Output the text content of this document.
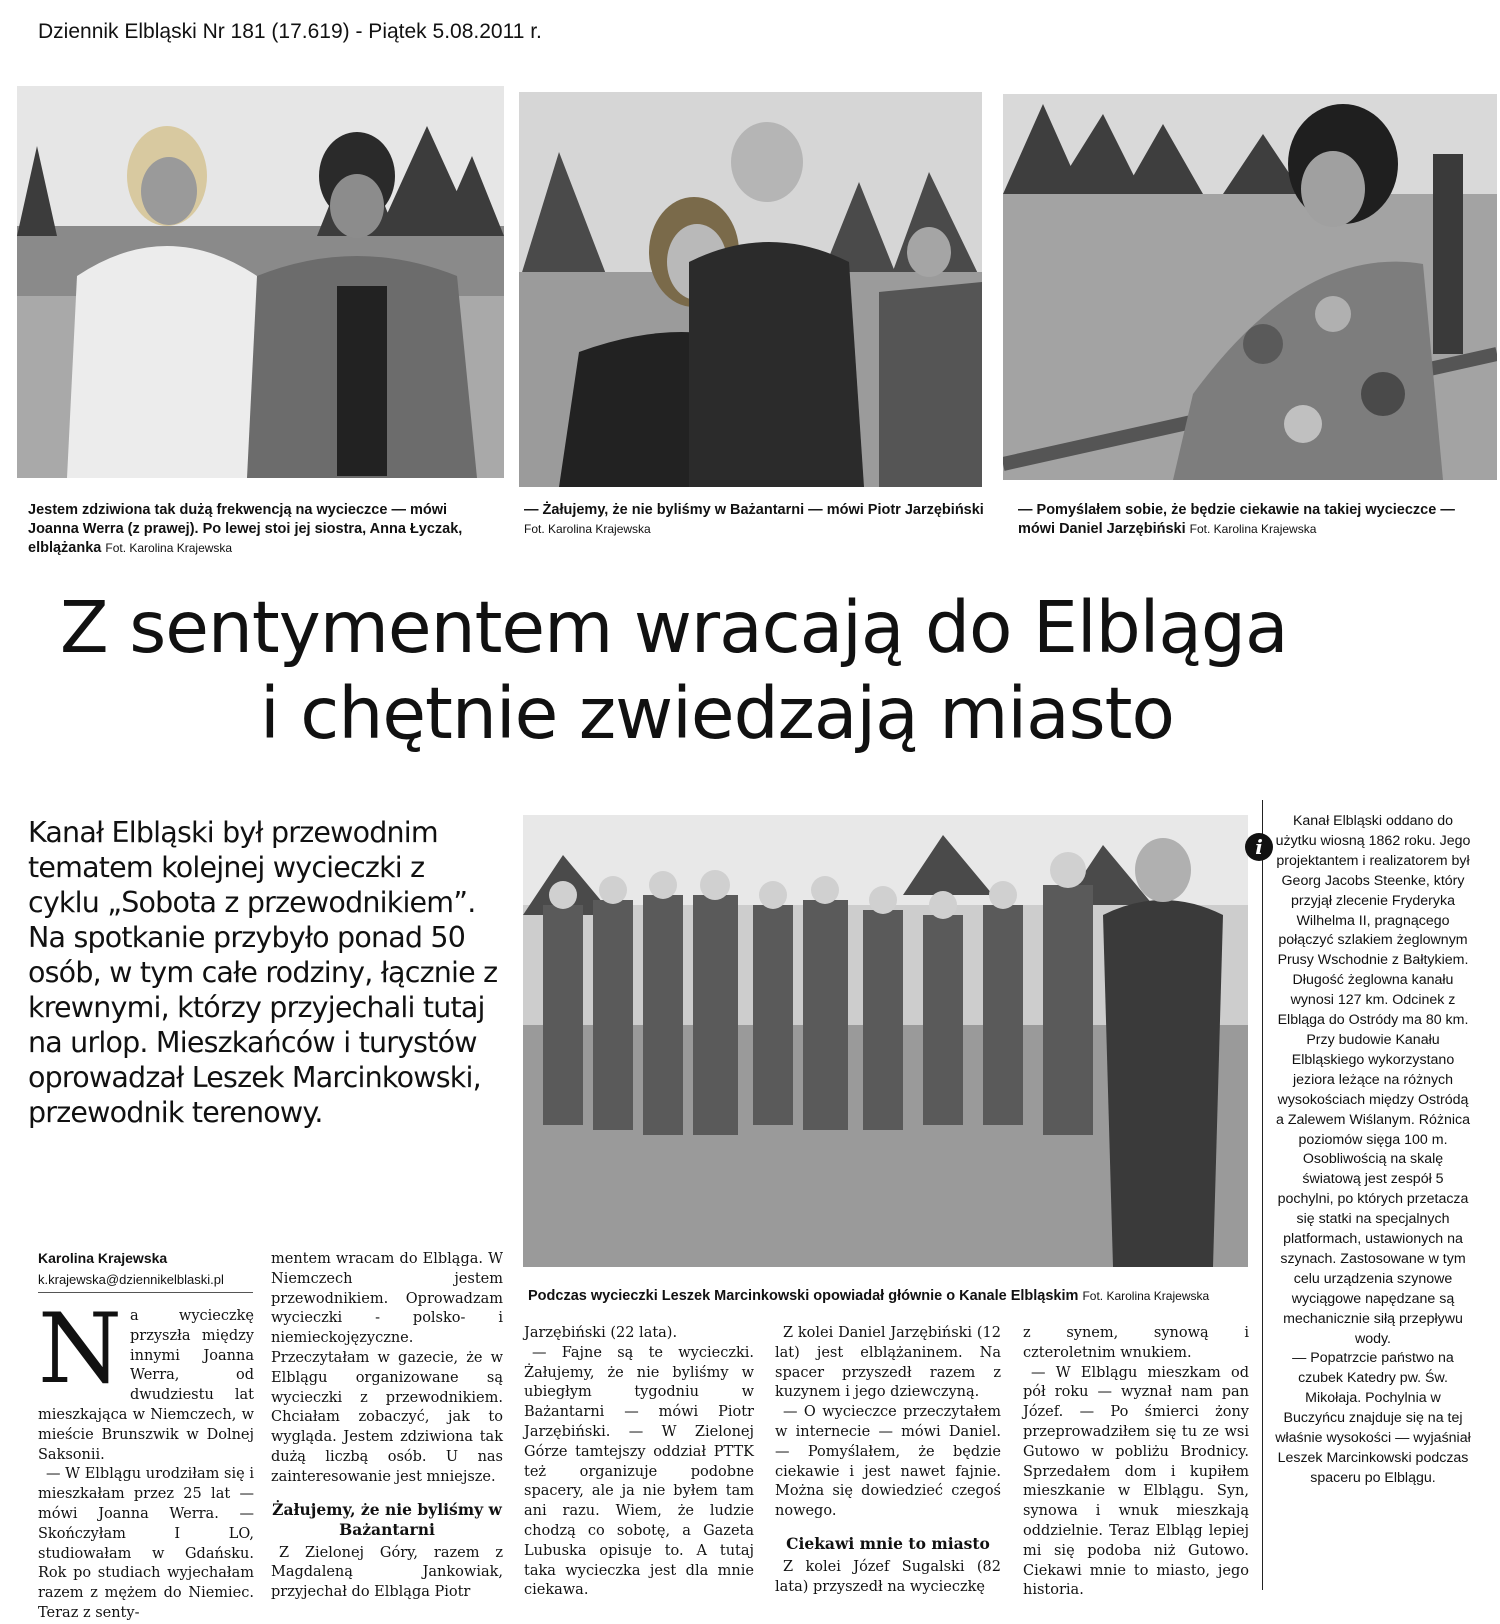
Dziennik Elbląski Nr 181 (17.619) - Piątek 5.08.2011 r.
Jestem zdziwiona tak dużą frekwencją na wycieczce — mówi Joanna Werra (z prawej). Po lewej stoi jej siostra, Anna Łyczak, elblążanka Fot. Karolina Krajewska
— Żałujemy, że nie byliśmy w Bażantarni — mówi Piotr Jarzębiński Fot. Karolina Krajewska
— Pomyślałem sobie, że będzie ciekawie na takiej wycieczce — mówi Daniel Jarzębiński Fot. Karolina Krajewska
Z sentymentem wracają do Elbląga
i chętnie zwiedzają miasto
Kanał Elbląski był przewodnim tematem kolejnej wycieczki z cyklu „Sobota z przewodnikiem”. Na spotkanie przybyło ponad 50 osób, w tym całe rodziny, łącznie z krewnymi, którzy przyjechali tutaj na urlop. Mieszkańców i turystów oprowadzał Leszek Marcinkowski, przewodnik terenowy.
Podczas wycieczki Leszek Marcinkowski opowiadał głównie o Kanale Elbląskim Fot. Karolina Krajewska
Karolina Krajewska
k.krajewska@dziennikelblaski.pl

Na wycieczkę przyszła między innymi Joanna Werra, od dwudziestu lat mieszkająca w Niemczech, w mieście Brunszwik w Dolnej Saksonii.

— W Elblągu urodziłam się i mieszkałam przez 25 lat — mówi Joanna Werra. — Skończyłam I LO, studiowałam w Gdańsku. Rok po studiach wyjechałam razem z mężem do Niemiec. Teraz z senty-

mentem wracam do Elbląga. W Niemczech jestem przewodnikiem. Oprowadzam wycieczki - polsko- i niemieckojęzyczne. Przeczytałam w gazecie, że w Elblągu organizowane są wycieczki z przewodnikiem. Chciałam zobaczyć, jak to wygląda. Jestem zdziwiona tak dużą liczbą osób. U nas zainteresowanie jest mniejsze.

Żałujemy, że nie byliśmy w Bażantarni

Z Zielonej Góry, razem z Magdaleną Jankowiak, przyjechał do Elbląga Piotr

Jarzębiński (22 lata).

— Fajne są te wycieczki. Żałujemy, że nie byliśmy w ubiegłym tygodniu w Bażantarni — mówi Piotr Jarzębiński. — W Zielonej Górze tamtejszy oddział PTTK też organizuje podobne spacery, ale ja nie byłem tam ani razu. Wiem, że ludzie chodzą co sobotę, a Gazeta Lubuska opisuje to. A tutaj taka wycieczka jest dla mnie ciekawa.

Z kolei Daniel Jarzębiński (12 lat) jest elblążaninem. Na spacer przyszedł razem z kuzynem i jego dziewczyną.

— O wycieczce przeczytałem w internecie — mówi Daniel. — Pomyślałem, że będzie ciekawie i jest nawet fajnie. Można się dowiedzieć czegoś nowego.

Ciekawi mnie to miasto

Z kolei Józef Sugalski (82 lata) przyszedł na wycieczkę

z synem, synową i czteroletnim wnukiem.

— W Elblągu mieszkam od pół roku — wyznał nam pan Józef. — Po śmierci żony przeprowadziłem się tu ze wsi Gutowo w pobliżu Brodnicy. Sprzedałem dom i kupiłem mieszkanie w Elblągu. Syn, synowa i wnuk mieszkają oddzielnie. Teraz Elbląg lepiej mi się podoba niż Gutowo. Ciekawi mnie to miasto, jego historia.

i

Kanał Elbląski oddano do użytku wiosną 1862 roku. Jego projektantem i realizatorem był Georg Jacobs Steenke, który przyjął zlecenie Fryderyka Wilhelma II, pragnącego połączyć szlakiem żeglownym Prusy Wschodnie z Bałtykiem. Długość żeglowna kanału wynosi 127 km. Odcinek z Elbląga do Ostródy ma 80 km. Przy budowie Kanału Elbląskiego wykorzystano jeziora leżące na różnych wysokościach między Ostródą a Zalewem Wiślanym. Różnica poziomów sięga 100 m. Osobliwością na skalę światową jest zespół 5 pochylni, po których przetacza się statki na specjalnych platformach, ustawionych na szynach. Zastosowane w tym celu urządzenia szynowe wyciągowe napędzane są mechanicznie siłą przepływu wody.

— Popatrzcie państwo na czubek Katedry pw. Św. Mikołaja. Pochylnia w Buczyńcu znajduje się na tej właśnie wysokości — wyjaśniał Leszek Marcinkowski podczas spaceru po Elblągu.
